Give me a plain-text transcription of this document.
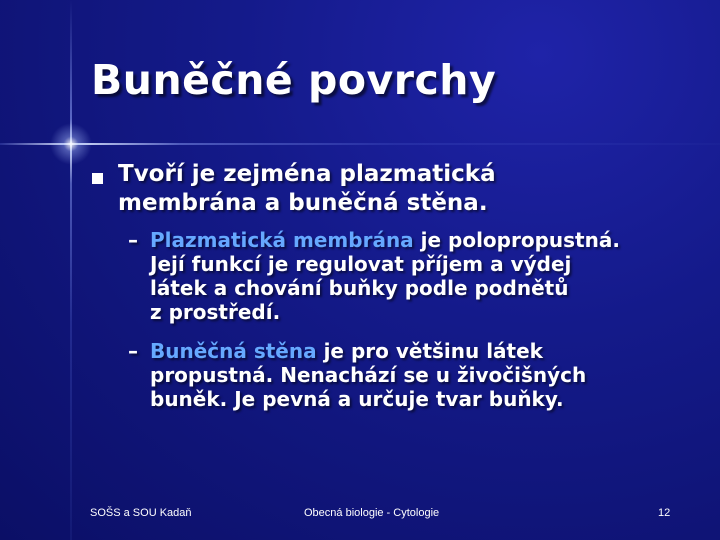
Buněčné povrchy
Tvoří je zejména plazmatická
membrána a buněčná stěna.
– Plazmatická membrána je polopropustná.
Její funkcí je regulovat příjem a výdej
látek a chování buňky podle podnětů
z prostředí.
– Buněčná stěna je pro většinu látek
propustná. Nenachází se u živočišných
buněk. Je pevná a určuje tvar buňky.
SOŠS a SOU Kadaň	Obecná biologie - Cytologie	12
